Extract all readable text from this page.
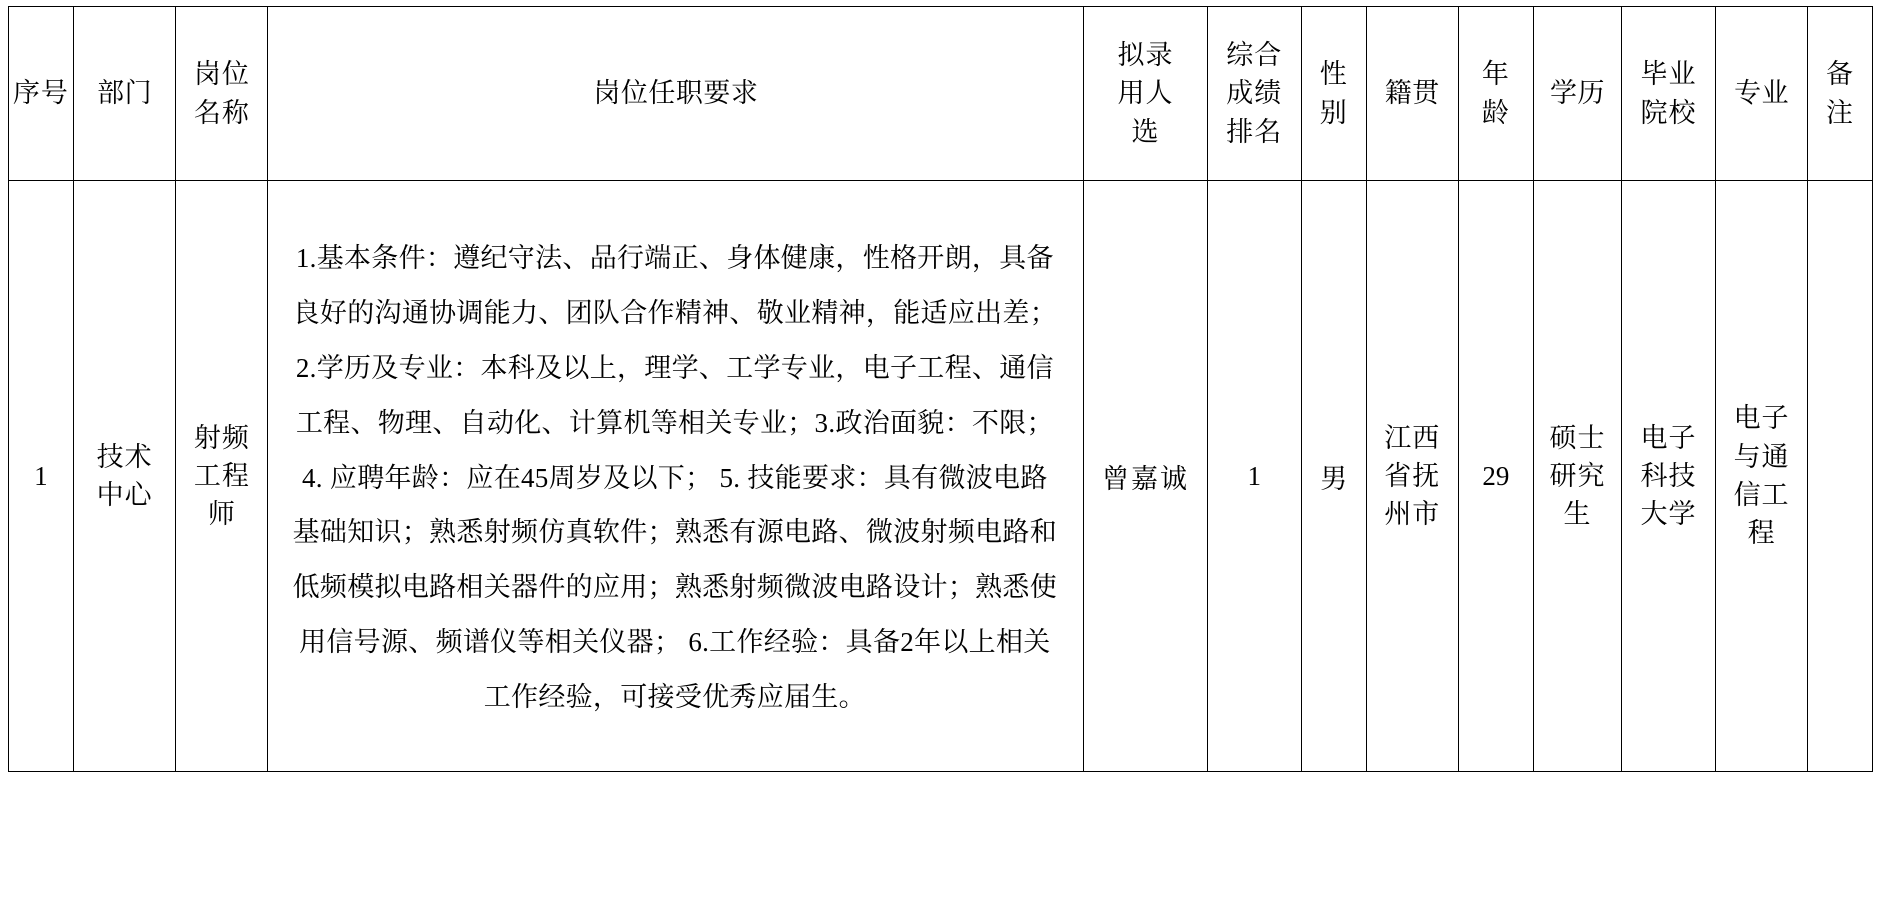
序号	部门	岗位名称	岗位任职要求	拟录用人选	综合成绩排名	性别	籍贯	年龄	学历	毕业院校	专业	备注

1	技术中心	射频工程师	1.基本条件：遵纪守法、品行端正、身体健康，性格开朗，具备良好的沟通协调能力、团队合作精神、敬业精神，能适应出差； 2.学历及专业：本科及以上，理学、工学专业，电子工程、通信工程、物理、自动化、计算机等相关专业；3.政治面貌：不限； 4. 应聘年龄：应在45周岁及以下； 5. 技能要求：具有微波电路基础知识；熟悉射频仿真软件；熟悉有源电路、微波射频电路和低频模拟电路相关器件的应用；熟悉射频微波电路设计；熟悉使用信号源、频谱仪等相关仪器； 6.工作经验：具备2年以上相关工作经验，可接受优秀应届生。	曾嘉诚	1	男	江西省抚州市	29	硕士研究生	电子科技大学	电子与通信工程	
